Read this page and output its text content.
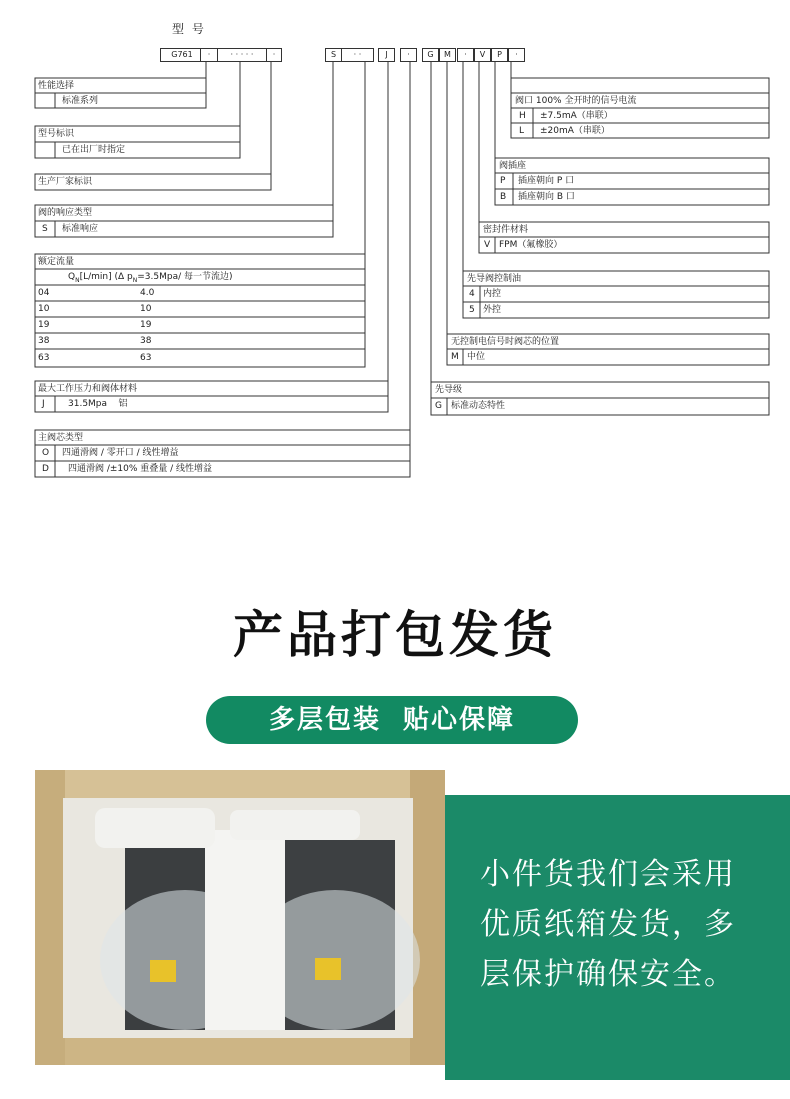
型 号
G761	·	· · · · ·	·	S	· ·	J	·	G	M	·	V	P	·
性能选择
标准系列
型号标识
已在出厂时指定
生产厂家标识
阀的响应类型
S 标准响应
额定流量
$Q_N[L/\min]$ (Δ $p_N=3.5Mpa/$ 每一节流边)
04	4.0
10	10
19	19
38	38
63	63
最大工作压力和阀体材料
J	31.5Mpa    铝
主阀芯类型
O 四通滑阀 / 零开口 / 线性增益
D 四通滑阀 /±10% 重叠量 / 线性增益
阀口 100% 全开时的信号电流
H ±7.5mA（串联）
L ±20mA（串联）
阀插座
P 插座朝向 P 口
B 插座朝向 B 口
密封件材料
V FPM（氟橡胶）
先导阀控制油
4 内控
5 外控
无控制电信号时阀芯的位置
M 中位
先导级
G 标准动态特性
产品打包发货
多层包装  贴心保障
小件货我们会采用
优质纸箱发货，多
层保护确保安全。
